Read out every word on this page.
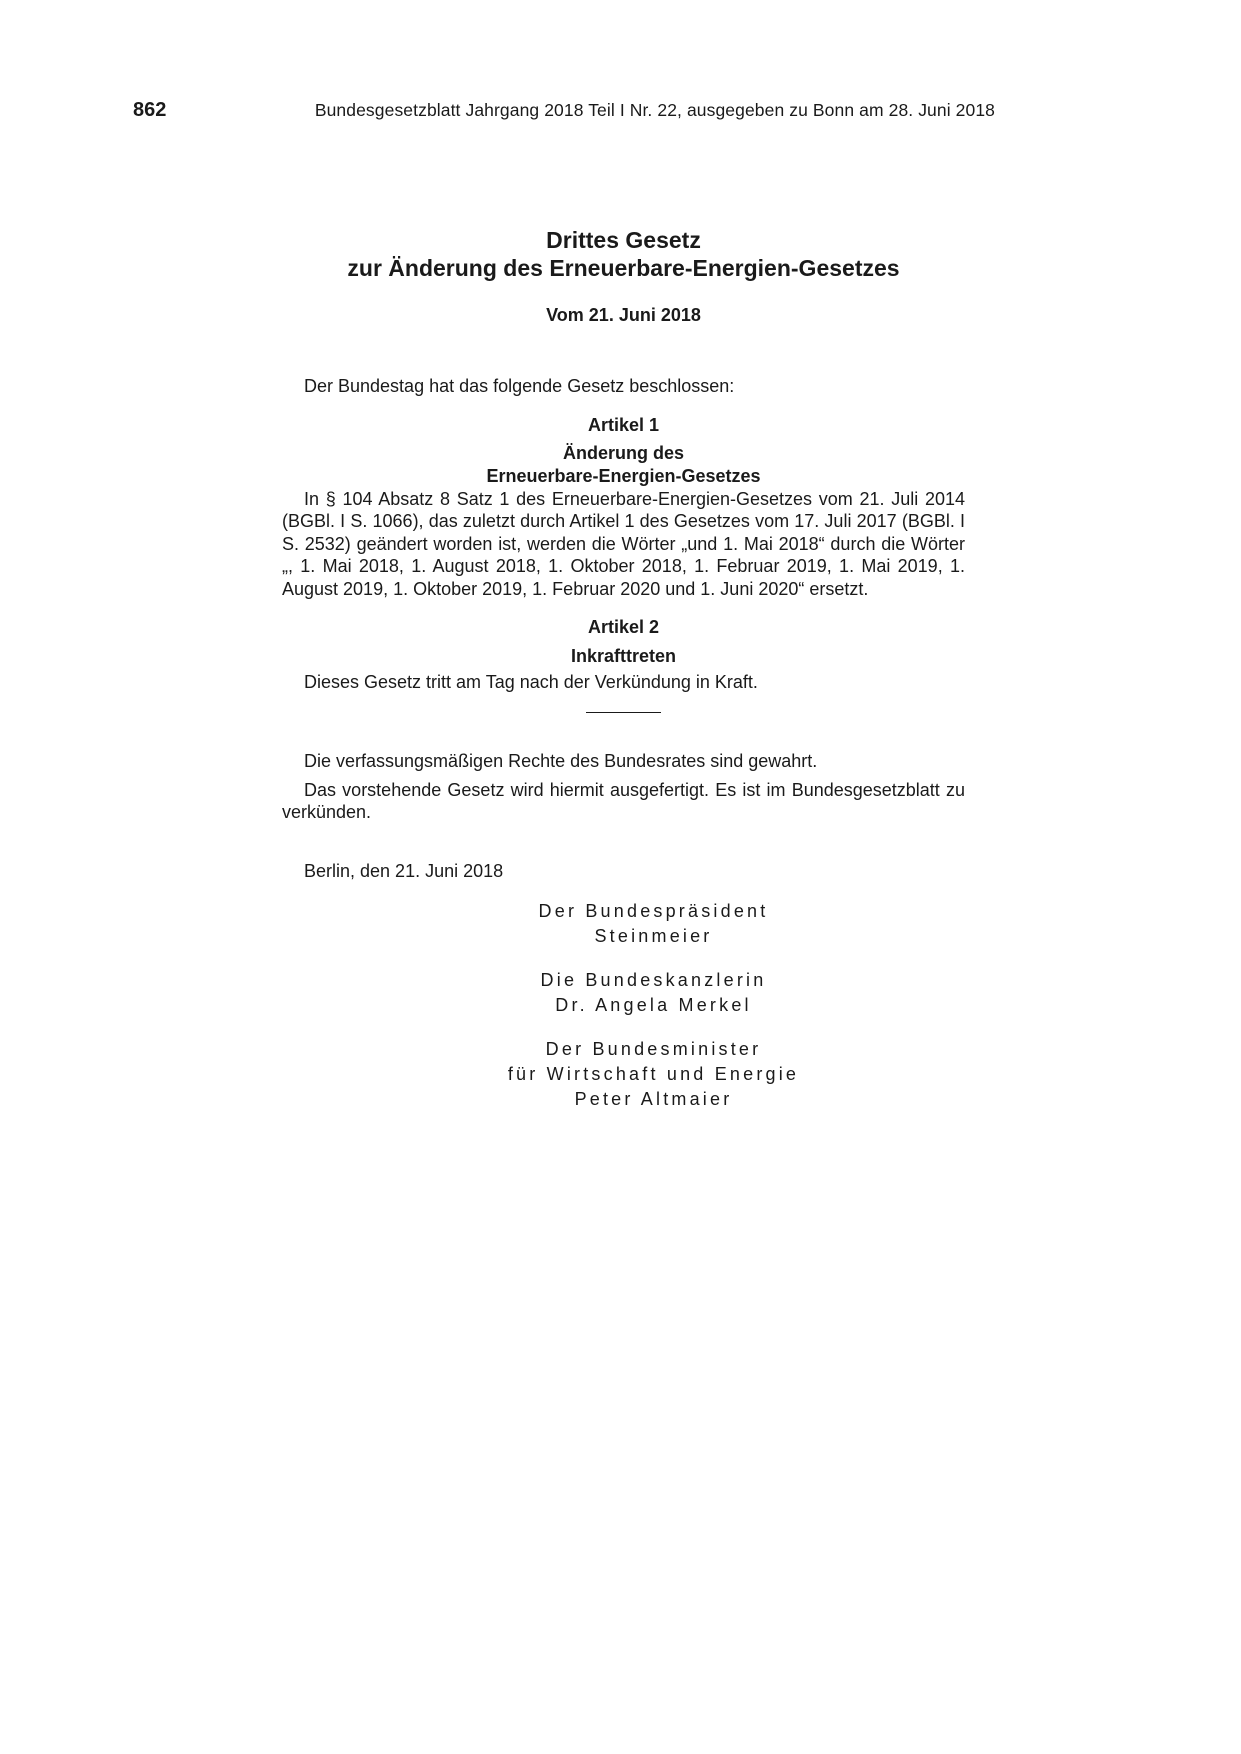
862	Bundesgesetzblatt Jahrgang 2018 Teil I Nr. 22, ausgegeben zu Bonn am 28. Juni 2018
Drittes Gesetz
zur Änderung des Erneuerbare-Energien-Gesetzes
Vom 21. Juni 2018
Der Bundestag hat das folgende Gesetz beschlossen:
Artikel 1
Änderung des
Erneuerbare-Energien-Gesetzes
In § 104 Absatz 8 Satz 1 des Erneuerbare-Energien-Gesetzes vom 21. Juli 2014 (BGBl. I S. 1066), das zuletzt durch Artikel 1 des Gesetzes vom 17. Juli 2017 (BGBl. I S. 2532) geändert worden ist, werden die Wörter „und 1. Mai 2018“ durch die Wörter „, 1. Mai 2018, 1. August 2018, 1. Oktober 2018, 1. Februar 2019, 1. Mai 2019, 1. August 2019, 1. Oktober 2019, 1. Februar 2020 und 1. Juni 2020“ ersetzt.
Artikel 2
Inkrafttreten
Dieses Gesetz tritt am Tag nach der Verkündung in Kraft.
Die verfassungsmäßigen Rechte des Bundesrates sind gewahrt.
Das vorstehende Gesetz wird hiermit ausgefertigt. Es ist im Bundesgesetzblatt zu verkünden.
Berlin, den 21. Juni 2018
Der Bundespräsident
Steinmeier
Die Bundeskanzlerin
Dr. Angela Merkel
Der Bundesminister
für Wirtschaft und Energie
Peter Altmaier
